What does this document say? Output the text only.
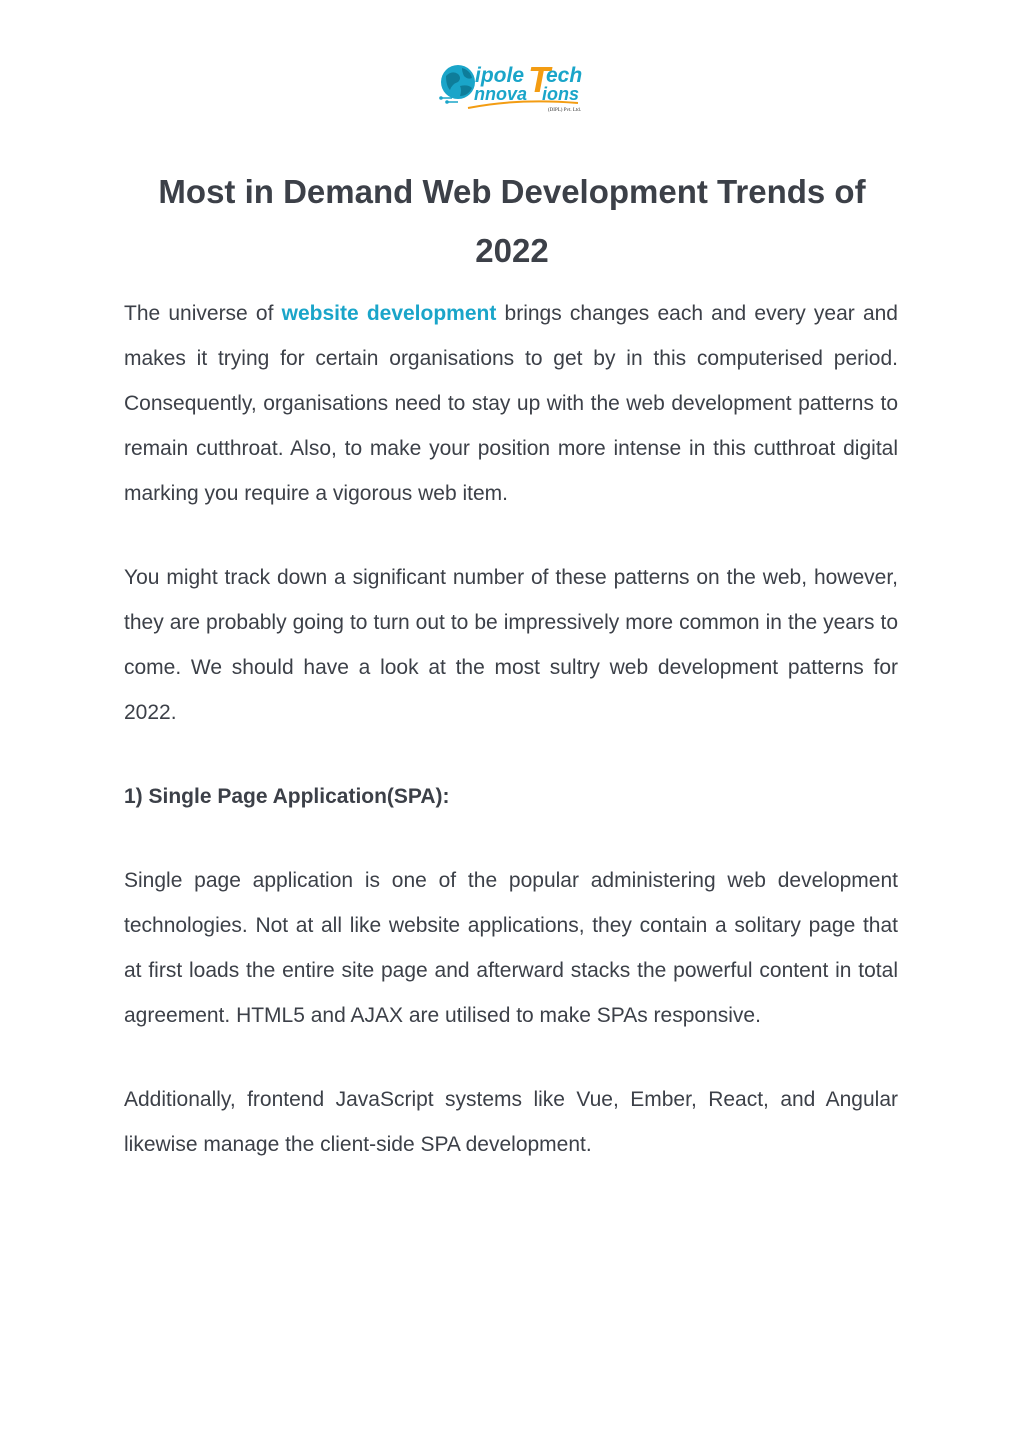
ipole T
ech
nnova ions
(DIPL) Pvt. Ltd.
Most in Demand Web Development Trends of 2022

The universe of website development brings changes each and every year and makes it trying for certain organisations to get by in this computerised period. Consequently, organisations need to stay up with the web development patterns to remain cutthroat. Also, to make your position more intense in this cutthroat digital marking you require a vigorous web item.

You might track down a significant number of these patterns on the web, however, they are probably going to turn out to be impressively more common in the years to come. We should have a look at the most sultry web development patterns for 2022.

1) Single Page Application(SPA):

Single page application is one of the popular administering web development technologies. Not at all like website applications, they contain a solitary page that at first loads the entire site page and afterward stacks the powerful content in total agreement. HTML5 and AJAX are utilised to make SPAs responsive.

Additionally, frontend JavaScript systems like Vue, Ember, React, and Angular likewise manage the client-side SPA development.
